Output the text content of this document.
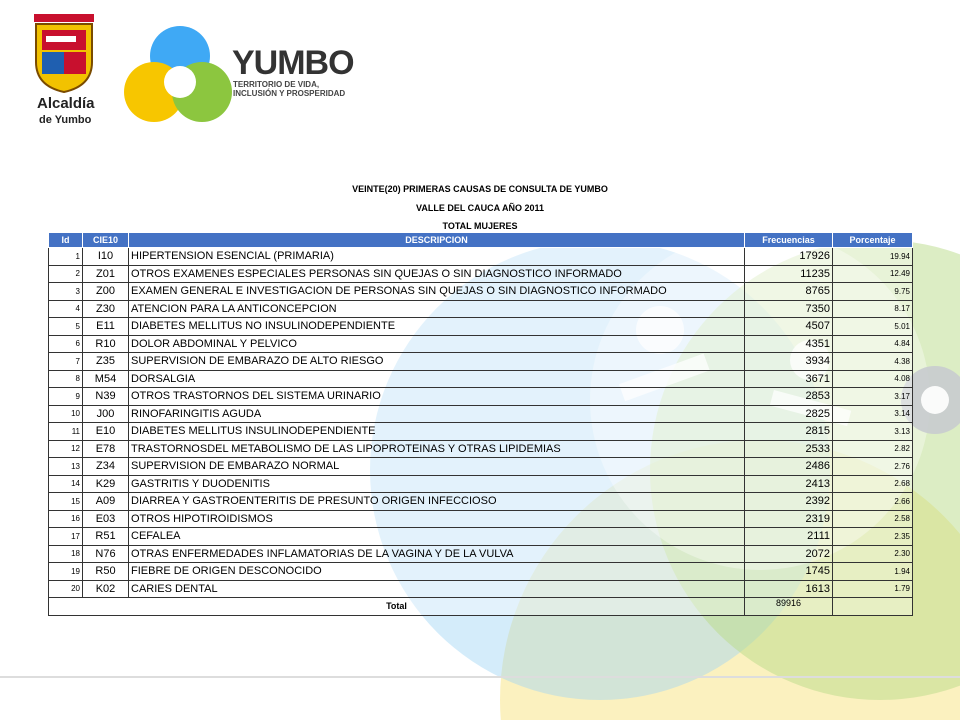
Alcaldía
de Yumbo
YUMBO
TERRITORIO DE VIDA,
INCLUSIÓN Y PROSPERIDAD
VEINTE(20) PRIMERAS CAUSAS DE CONSULTA DE YUMBO
VALLE DEL CAUCA AÑO 2011
TOTAL MUJERES
Id	CIE10	DESCRIPCION	Frecuencias	Porcentaje
1	I10	HIPERTENSION ESENCIAL (PRIMARIA)	17926	19.94
2	Z01	OTROS EXAMENES ESPECIALES PERSONAS SIN QUEJAS O SIN DIAGNOSTICO INFORMADO	11235	12.49
3	Z00	EXAMEN GENERAL E INVESTIGACION DE PERSONAS SIN QUEJAS O SIN DIAGNOSTICO INFORMADO	8765	9.75
4	Z30	ATENCION PARA LA ANTICONCEPCION	7350	8.17
5	E11	DIABETES MELLITUS NO INSULINODEPENDIENTE	4507	5.01
6	R10	DOLOR ABDOMINAL Y PELVICO	4351	4.84
7	Z35	SUPERVISION DE EMBARAZO DE ALTO RIESGO	3934	4.38
8	M54	DORSALGIA	3671	4.08
9	N39	OTROS TRASTORNOS DEL SISTEMA URINARIO	2853	3.17
10	J00	RINOFARINGITIS AGUDA	2825	3.14
11	E10	DIABETES MELLITUS INSULINODEPENDIENTE	2815	3.13
12	E78	TRASTORNOSDEL METABOLISMO DE LAS LIPOPROTEINAS Y OTRAS LIPIDEMIAS	2533	2.82
13	Z34	SUPERVISION DE EMBARAZO NORMAL	2486	2.76
14	K29	GASTRITIS Y DUODENITIS	2413	2.68
15	A09	DIARREA Y GASTROENTERITIS DE PRESUNTO ORIGEN INFECCIOSO	2392	2.66
16	E03	OTROS HIPOTIROIDISMOS	2319	2.58
17	R51	CEFALEA	2111	2.35
18	N76	OTRAS ENFERMEDADES INFLAMATORIAS DE LA VAGINA Y DE LA VULVA	2072	2.30
19	R50	FIEBRE DE ORIGEN DESCONOCIDO	1745	1.94
20	K02	CARIES DENTAL	1613	1.79
Total			89916	
